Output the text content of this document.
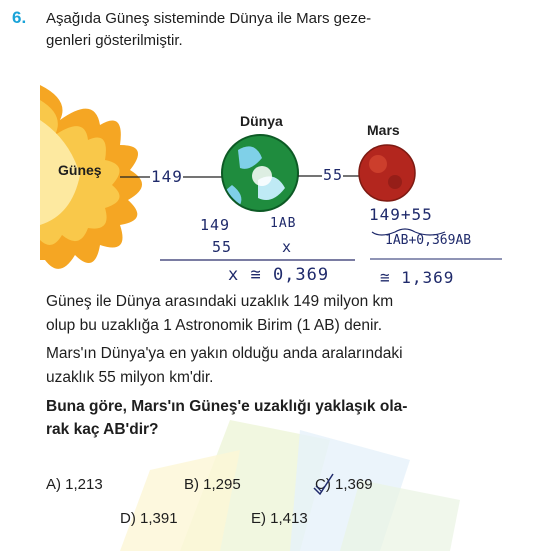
6. Aşağıda Güneş sisteminde Dünya ile Mars geze-
genleri gösterilmiştir.
Güneş	149
Dünya
55
Mars
149	1AB
55	x
x ≅ 0,369
149+55
1AB+0,369AB
≅ 1,369
Güneş ile Dünya arasındaki uzaklık 149 milyon km
olup bu uzaklığa 1 Astronomik Birim (1 AB) denir.
Mars'ın Dünya'ya en yakın olduğu anda aralarındaki
uzaklık 55 milyon km'dir.
Buna göre, Mars'ın Güneş'e uzaklığı yaklaşık ola-
rak kaç AB'dir?
A) 1,213	B) 1,295	C) 1,369
D) 1,391	E) 1,413
